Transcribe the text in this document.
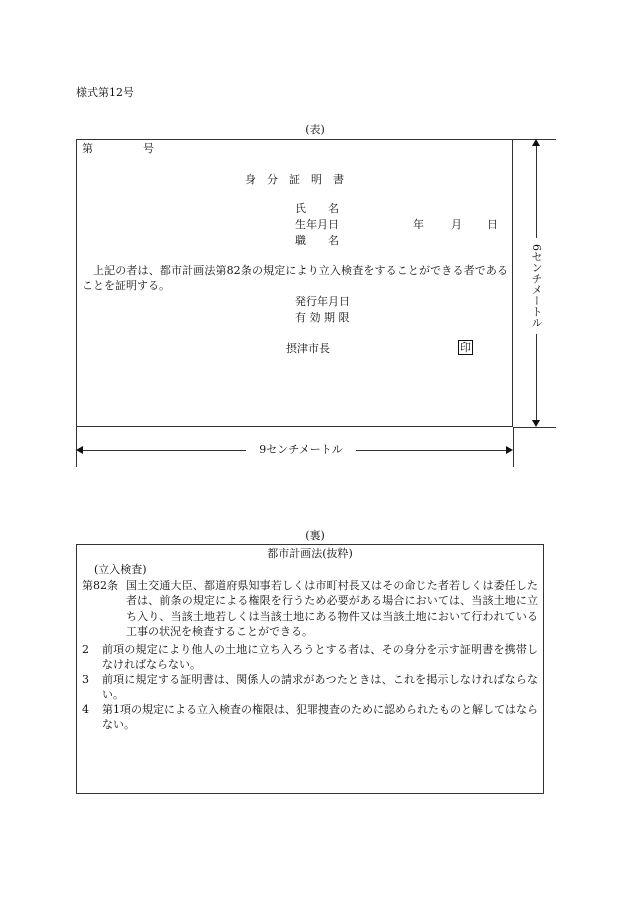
様式第12号
(表)
第	号
身　分　証　明　書
氏　　名
生年月日	年 月 日
職　　名
上記の者は、都市計画法第82条の規定により立入検査をすることができる者であることを証明する。
発行年月日
有 効 期 限
摂津市長	印
6センチメートル
9センチメートル
(裏)
都市計画法(抜粋)
(立入検査)
第82条 国土交通大臣、都道府県知事若しくは市町村長又はその命じた者若しくは委任した者は、前条の規定による権限を行うため必要がある場合においては、当該土地に立ち入り、当該土地若しくは当該土地にある物件又は当該土地において行われている工事の状況を検査することができる。
2	前項の規定により他人の土地に立ち入ろうとする者は、その身分を示す証明書を携帯しなければならない。
3	前項に規定する証明書は、関係人の請求があつたときは、これを掲示しなければならない。
4	第1項の規定による立入検査の権限は、犯罪捜査のために認められたものと解してはならない。
